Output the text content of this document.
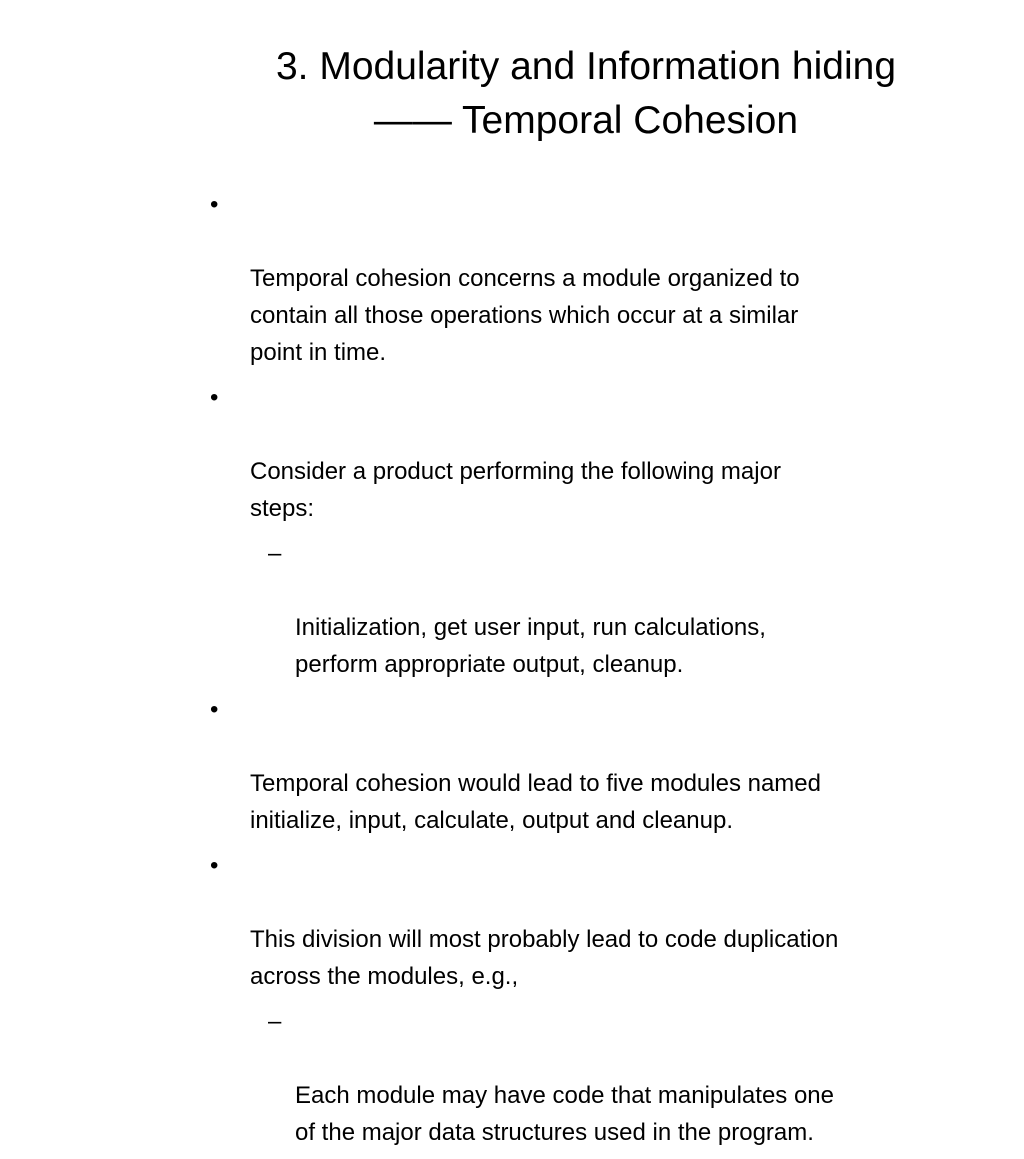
3. Modularity and Information hiding
—— Temporal Cohesion

•

Temporal cohesion concerns a module organized to
contain all those operations which occur at a similar
point in time.

•

Consider a product performing the following major
steps:

–

Initialization, get user input, run calculations,
perform appropriate output, cleanup.

•

Temporal cohesion would lead to five modules named
initialize, input, calculate, output and cleanup.

•

This division will most probably lead to code duplication
across the modules, e.g.,

–

Each module may have code that manipulates one
of the major data structures used in the program.
